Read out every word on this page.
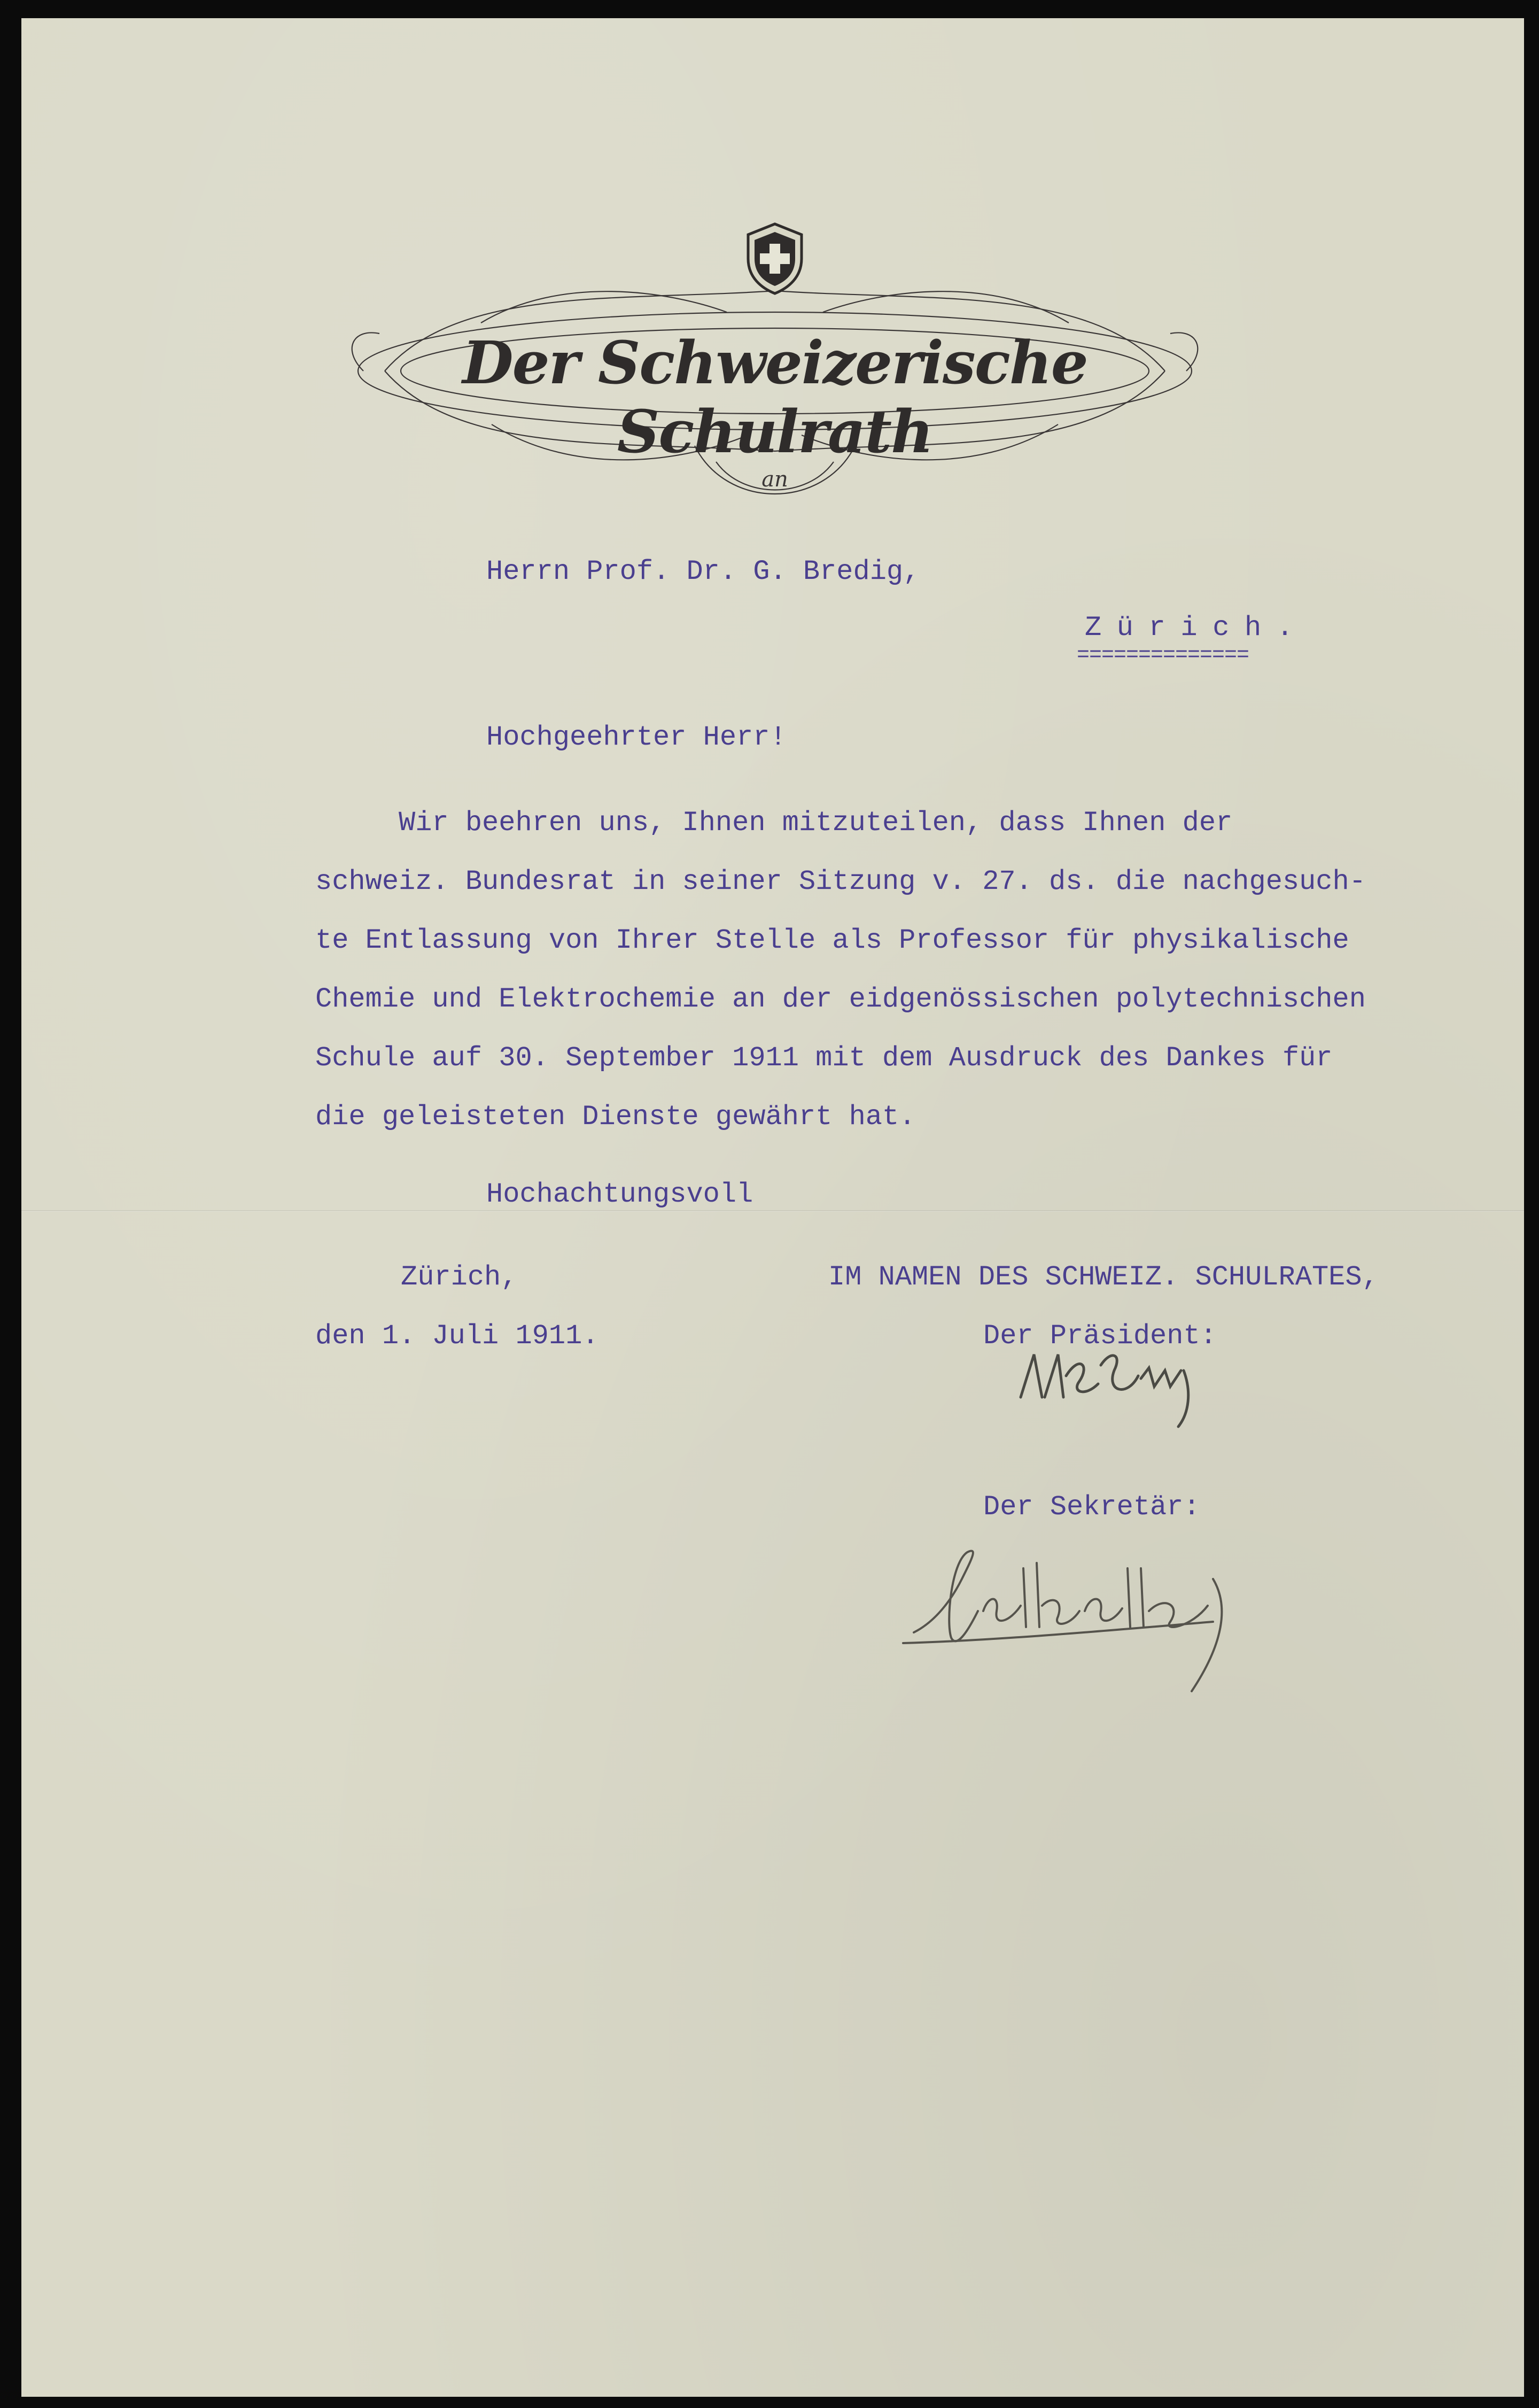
Der Schweizerische Schulrath
an
Herrn Prof. Dr. G. Bredig,
Zürich.
==============
Hochgeehrter Herr!
Wir beehren uns, Ihnen mitzuteilen, dass Ihnen der
schweiz. Bundesrat in seiner Sitzung v. 27. ds. die nachgesuch-
te Entlassung von Ihrer Stelle als Professor für physikalische
Chemie und Elektrochemie an der eidgenössischen polytechnischen
Schule auf 30. September 1911 mit dem Ausdruck des Dankes für
die geleisteten Dienste gewährt hat.
Hochachtungsvoll
Zürich,
den 1. Juli 1911.
IM NAMEN DES SCHWEIZ. SCHULRATES,
Der Präsident:
Der Sekretär:
